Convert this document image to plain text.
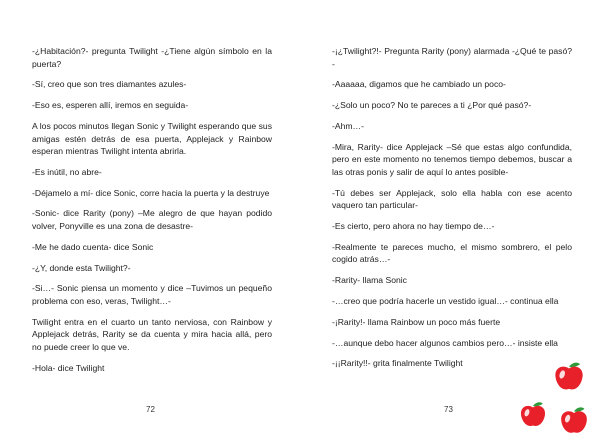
-¿Habitación?- pregunta Twilight -¿Tiene algún símbolo en la puerta?

-Sí, creo que son tres diamantes azules-

-Eso es, esperen allí, iremos en seguida-

A los pocos minutos llegan Sonic y Twilight esperando que sus amigas estén detrás de esa puerta, Applejack y Rainbow esperan mientras Twilight intenta abrirla.

-Es inútil, no abre-

-Déjamelo a mí- dice Sonic, corre hacia la puerta y la destruye

-Sonic- dice Rarity (pony) –Me alegro de que hayan podido volver, Ponyville es una zona de desastre-

-Me he dado cuenta- dice Sonic

-¿Y, donde esta Twilight?-

-Si…- Sonic piensa un momento y dice –Tuvimos un pequeño problema con eso, veras, Twilight…-

Twilight entra en el cuarto un tanto nerviosa, con Rainbow y Applejack detrás, Rarity se da cuenta y mira hacia allá, pero no puede creer lo que ve.

-Hola- dice Twilight

72

-¡¿Twilight?!- Pregunta Rarity (pony) alarmada -¿Qué te pasó?-

-Aaaaaa, digamos que he cambiado un poco-

-¿Solo un poco? No te pareces a ti ¿Por qué pasó?-

-Ahm…-

-Mira, Rarity- dice Applejack –Sé que estas algo confundida, pero en este momento no tenemos tiempo debemos, buscar a las otras ponis y salir de aquí lo antes posible-

-Tú debes ser Applejack, solo ella habla con ese acento vaquero tan particular-

-Es cierto, pero ahora no hay tiempo de…-

-Realmente te pareces mucho, el mismo sombrero, el pelo cogido atrás…-

-Rarity- llama Sonic

-…creo que podría hacerle un vestido igual…- continua ella

-¡Rarity!- llama Rainbow un poco más fuerte

-…aunque debo hacer algunos cambios pero…- insiste ella

-¡¡Rarity!!- grita finalmente Twilight

73
